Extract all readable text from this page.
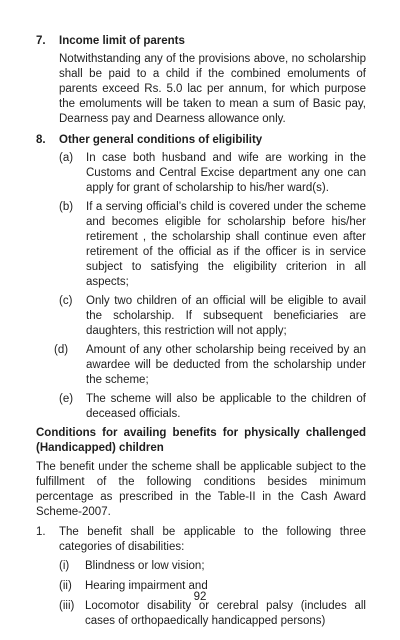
7.	Income limit of parents
Notwithstanding any of the provisions above, no scholarship shall be paid to a child if the combined emoluments of parents exceed Rs. 5.0 lac per annum, for which purpose the emoluments will be taken to mean a sum of Basic pay, Dearness pay and Dearness allowance only.
8.	Other general conditions of eligibility
(a)	In case both husband and wife are working in the Customs and Central Excise department any one can apply for grant of scholarship to his/her ward(s).
(b)	If a serving official’s child is covered under the scheme and becomes eligible for scholarship before his/her retirement , the scholarship shall continue even after retirement of the official as if the officer is in service subject to satisfying the eligibility criterion in all aspects;
(c)	Only two children of an official will be eligible to avail the scholarship. If subsequent beneficiaries are daughters, this restriction will not apply;
(d)	Amount of any other scholarship being received by an awardee will be deducted from the scholarship under the scheme;
(e)	The scheme will also be applicable to the children of deceased officials.
Conditions for availing benefits for physically challenged (Handicapped) children
The benefit under the scheme shall be applicable subject to the fulfillment of the following conditions besides minimum percentage as prescribed in the Table-II in the Cash Award Scheme-2007.
1.	The benefit shall be applicable to the following three categories of disabilities:
(i)	Blindness or low vision;
(ii)	Hearing impairment and
(iii) Locomotor disability or cerebral palsy (includes all cases of orthopaedically handicapped persons)
92
